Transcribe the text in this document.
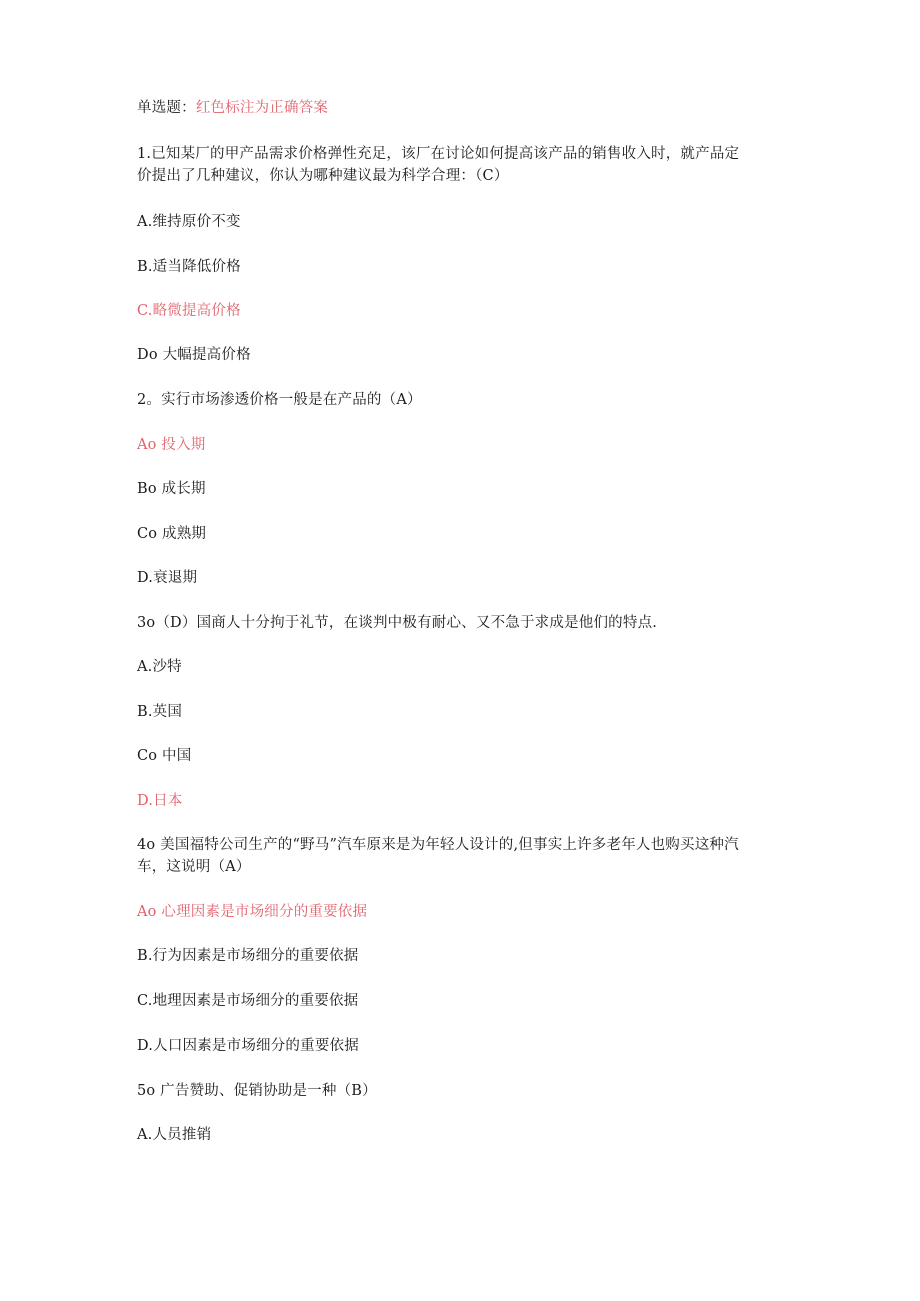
单选题：红色标注为正确答案
1.已知某厂的甲产品需求价格弹性充足，该厂在讨论如何提高该产品的销售收入时，就产品定
价提出了几种建议，你认为哪种建议最为科学合理：（C）
A.维持原价不变
B.适当降低价格
C.略微提高价格
Do 大幅提高价格
2。实行市场渗透价格一般是在产品的（A）
Ao 投入期
Bo 成长期
Co 成熟期
D.衰退期
3o（D）国商人十分拘于礼节，在谈判中极有耐心、又不急于求成是他们的特点.
A.沙特
B.英国
Co 中国
D.日本
4o 美国福特公司生产的“野马”汽车原来是为年轻人设计的,但事实上许多老年人也购买这种汽
车，这说明（A）
Ao 心理因素是市场细分的重要依据
B.行为因素是市场细分的重要依据
C.地理因素是市场细分的重要依据
D.人口因素是市场细分的重要依据
5o 广告赞助、促销协助是一种（B）
A.人员推销
